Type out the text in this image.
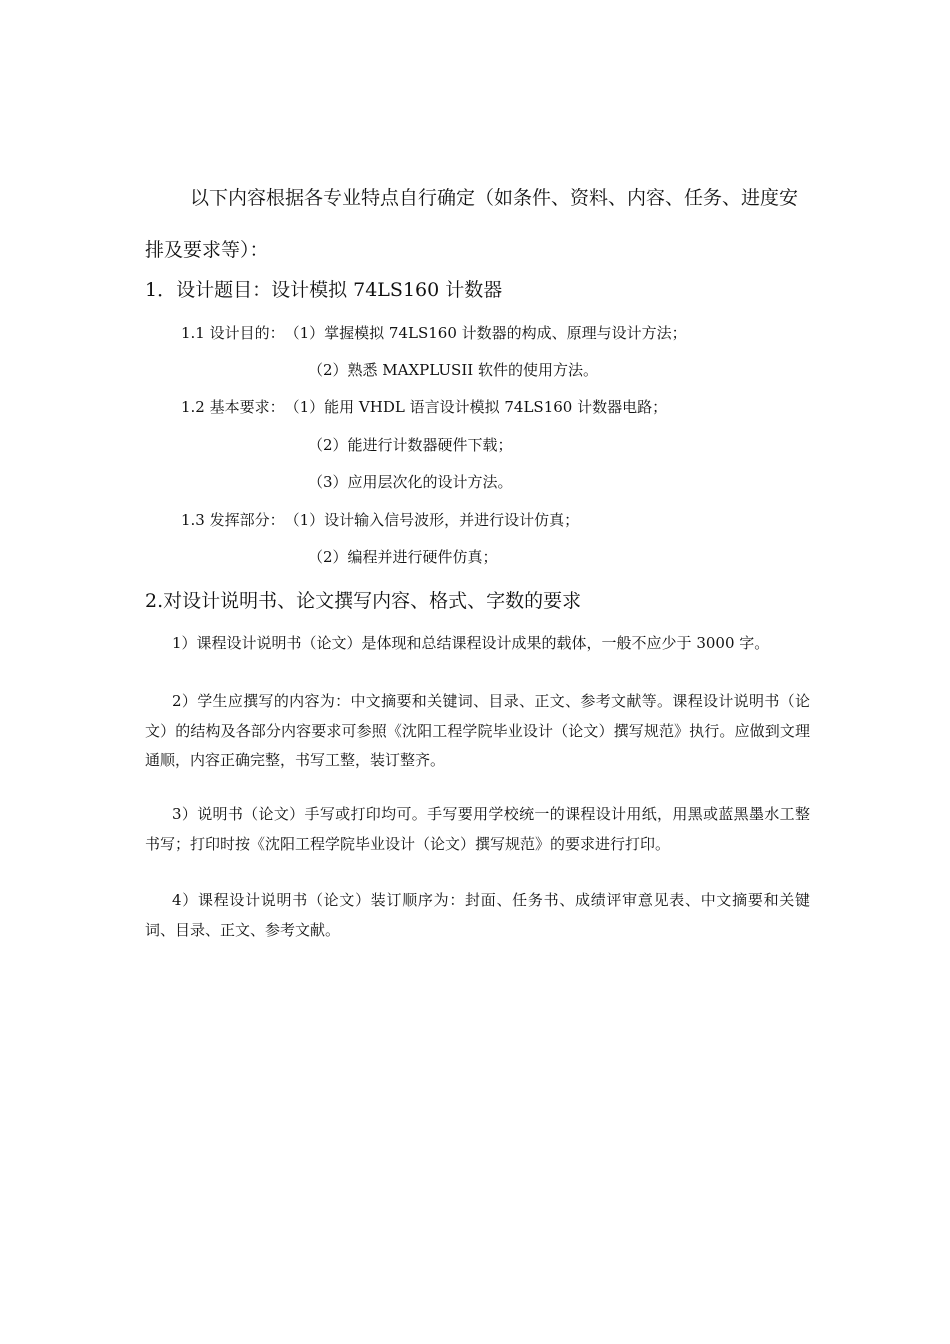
以下内容根据各专业特点自行确定（如条件、资料、内容、任务、进度安排及要求等）：

1．设计题目：设计模拟 74LS160 计数器
1.1 设计目的：（1）掌握模拟 74LS160 计数器的构成、原理与设计方法；
（2）熟悉 MAXPLUSII 软件的使用方法。
1.2 基本要求：（1）能用 VHDL 语言设计模拟 74LS160 计数器电路；
（2）能进行计数器硬件下载；
（3）应用层次化的设计方法。
1.3 发挥部分：（1）设计输入信号波形，并进行设计仿真；
（2）编程并进行硬件仿真；
2.对设计说明书、论文撰写内容、格式、字数的要求

1）课程设计说明书（论文）是体现和总结课程设计成果的载体，一般不应少于 3000 字。

2）学生应撰写的内容为：中文摘要和关键词、目录、正文、参考文献等。课程设计说明书（论文）的结构及各部分内容要求可参照《沈阳工程学院毕业设计（论文）撰写规范》执行。应做到文理通顺，内容正确完整，书写工整，装订整齐。

3）说明书（论文）手写或打印均可。手写要用学校统一的课程设计用纸，用黑或蓝黑墨水工整书写；打印时按《沈阳工程学院毕业设计（论文）撰写规范》的要求进行打印。

4）课程设计说明书（论文）装订顺序为：封面、任务书、成绩评审意见表、中文摘要和关键词、目录、正文、参考文献。
